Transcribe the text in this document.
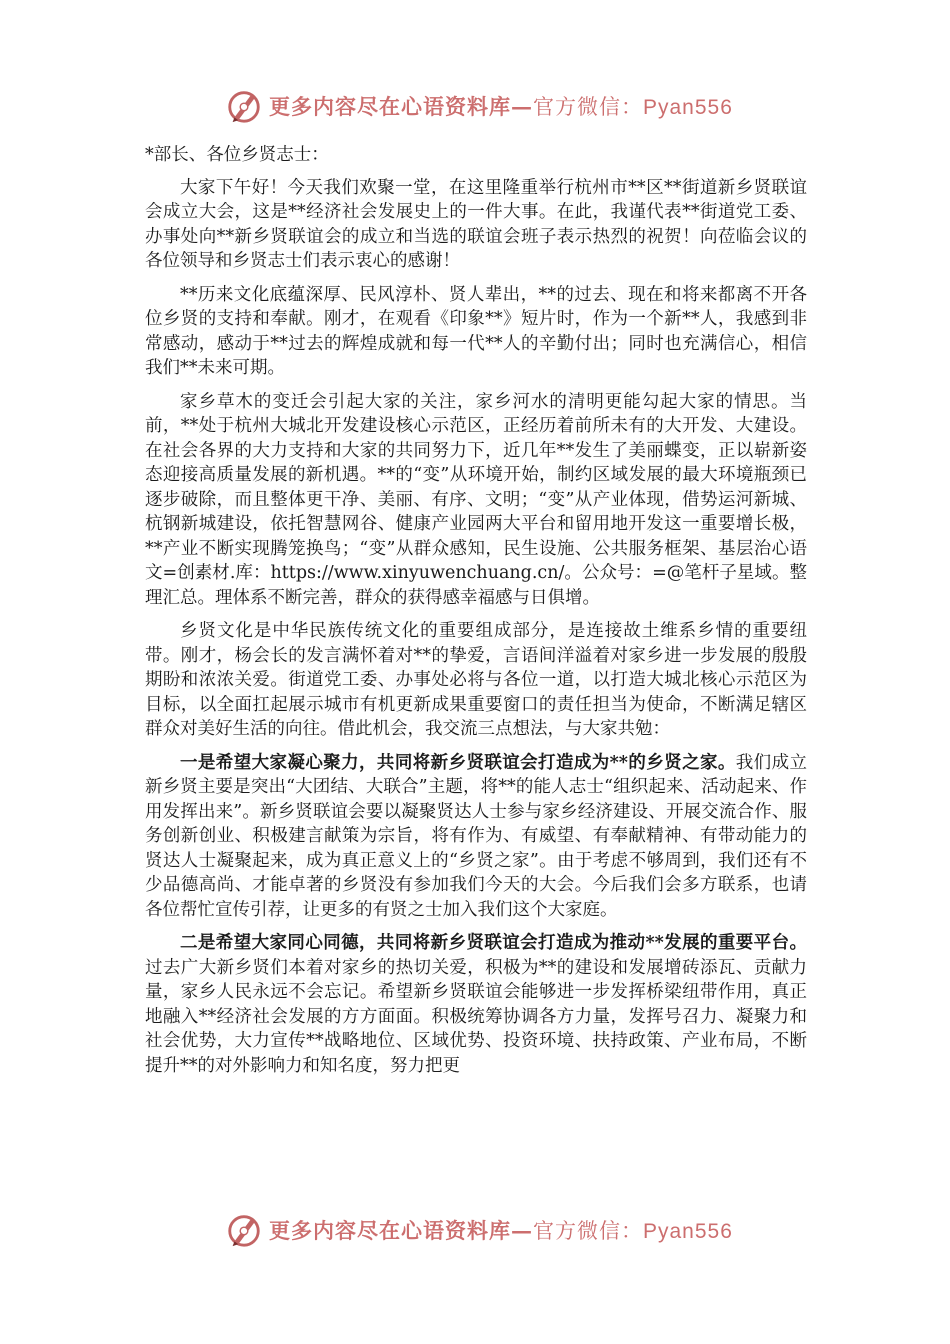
更多内容尽在心语资料库—官方微信：Pyan556

*部长、各位乡贤志士：

大家下午好！今天我们欢聚一堂，在这里隆重举行杭州市**区**街道新乡贤联谊会成立大会，这是**经济社会发展史上的一件大事。在此，我谨代表**街道党工委、办事处向**新乡贤联谊会的成立和当选的联谊会班子表示热烈的祝贺！向莅临会议的各位领导和乡贤志士们表示衷心的感谢！

**历来文化底蕴深厚、民风淳朴、贤人辈出，**的过去、现在和将来都离不开各位乡贤的支持和奉献。刚才，在观看《印象**》短片时，作为一个新**人，我感到非常感动，感动于**过去的辉煌成就和每一代**人的辛勤付出；同时也充满信心，相信我们**未来可期。

家乡草木的变迁会引起大家的关注，家乡河水的清明更能勾起大家的情思。当前，**处于杭州大城北开发建设核心示范区，正经历着前所未有的大开发、大建设。在社会各界的大力支持和大家的共同努力下，近几年**发生了美丽蝶变，正以崭新姿态迎接高质量发展的新机遇。**的“变”从环境开始，制约区域发展的最大环境瓶颈已逐步破除，而且整体更干净、美丽、有序、文明；“变”从产业体现，借势运河新城、杭钢新城建设，依托智慧网谷、健康产业园两大平台和留用地开发这一重要增长极，**产业不断实现腾笼换鸟；“变”从群众感知，民生设施、公共服务框架、基层治心语文=创素材.库：https://www.xinyuwenchuang.cn/。公众号：=@笔杆子星域。整理汇总。理体系不断完善，群众的获得感幸福感与日俱增。

乡贤文化是中华民族传统文化的重要组成部分，是连接故土维系乡情的重要纽带。刚才，杨会长的发言满怀着对**的挚爱，言语间洋溢着对家乡进一步发展的殷殷期盼和浓浓关爱。街道党工委、办事处必将与各位一道，以打造大城北核心示范区为目标，以全面扛起展示城市有机更新成果重要窗口的责任担当为使命，不断满足辖区群众对美好生活的向往。借此机会，我交流三点想法，与大家共勉：

一是希望大家凝心聚力，共同将新乡贤联谊会打造成为**的乡贤之家。我们成立新乡贤主要是突出“大团结、大联合”主题，将**的能人志士“组织起来、活动起来、作用发挥出来”。新乡贤联谊会要以凝聚贤达人士参与家乡经济建设、开展交流合作、服务创新创业、积极建言献策为宗旨，将有作为、有威望、有奉献精神、有带动能力的贤达人士凝聚起来，成为真正意义上的“乡贤之家”。由于考虑不够周到，我们还有不少品德高尚、才能卓著的乡贤没有参加我们今天的大会。今后我们会多方联系，也请各位帮忙宣传引荐，让更多的有贤之士加入我们这个大家庭。

二是希望大家同心同德，共同将新乡贤联谊会打造成为推动**发展的重要平台。过去广大新乡贤们本着对家乡的热切关爱，积极为**的建设和发展增砖添瓦、贡献力量，家乡人民永远不会忘记。希望新乡贤联谊会能够进一步发挥桥梁纽带作用，真正地融入**经济社会发展的方方面面。积极统筹协调各方力量，发挥号召力、凝聚力和社会优势，大力宣传**战略地位、区域优势、投资环境、扶持政策、产业布局，不断提升**的对外影响力和知名度，努力把更

更多内容尽在心语资料库—官方微信：Pyan556
